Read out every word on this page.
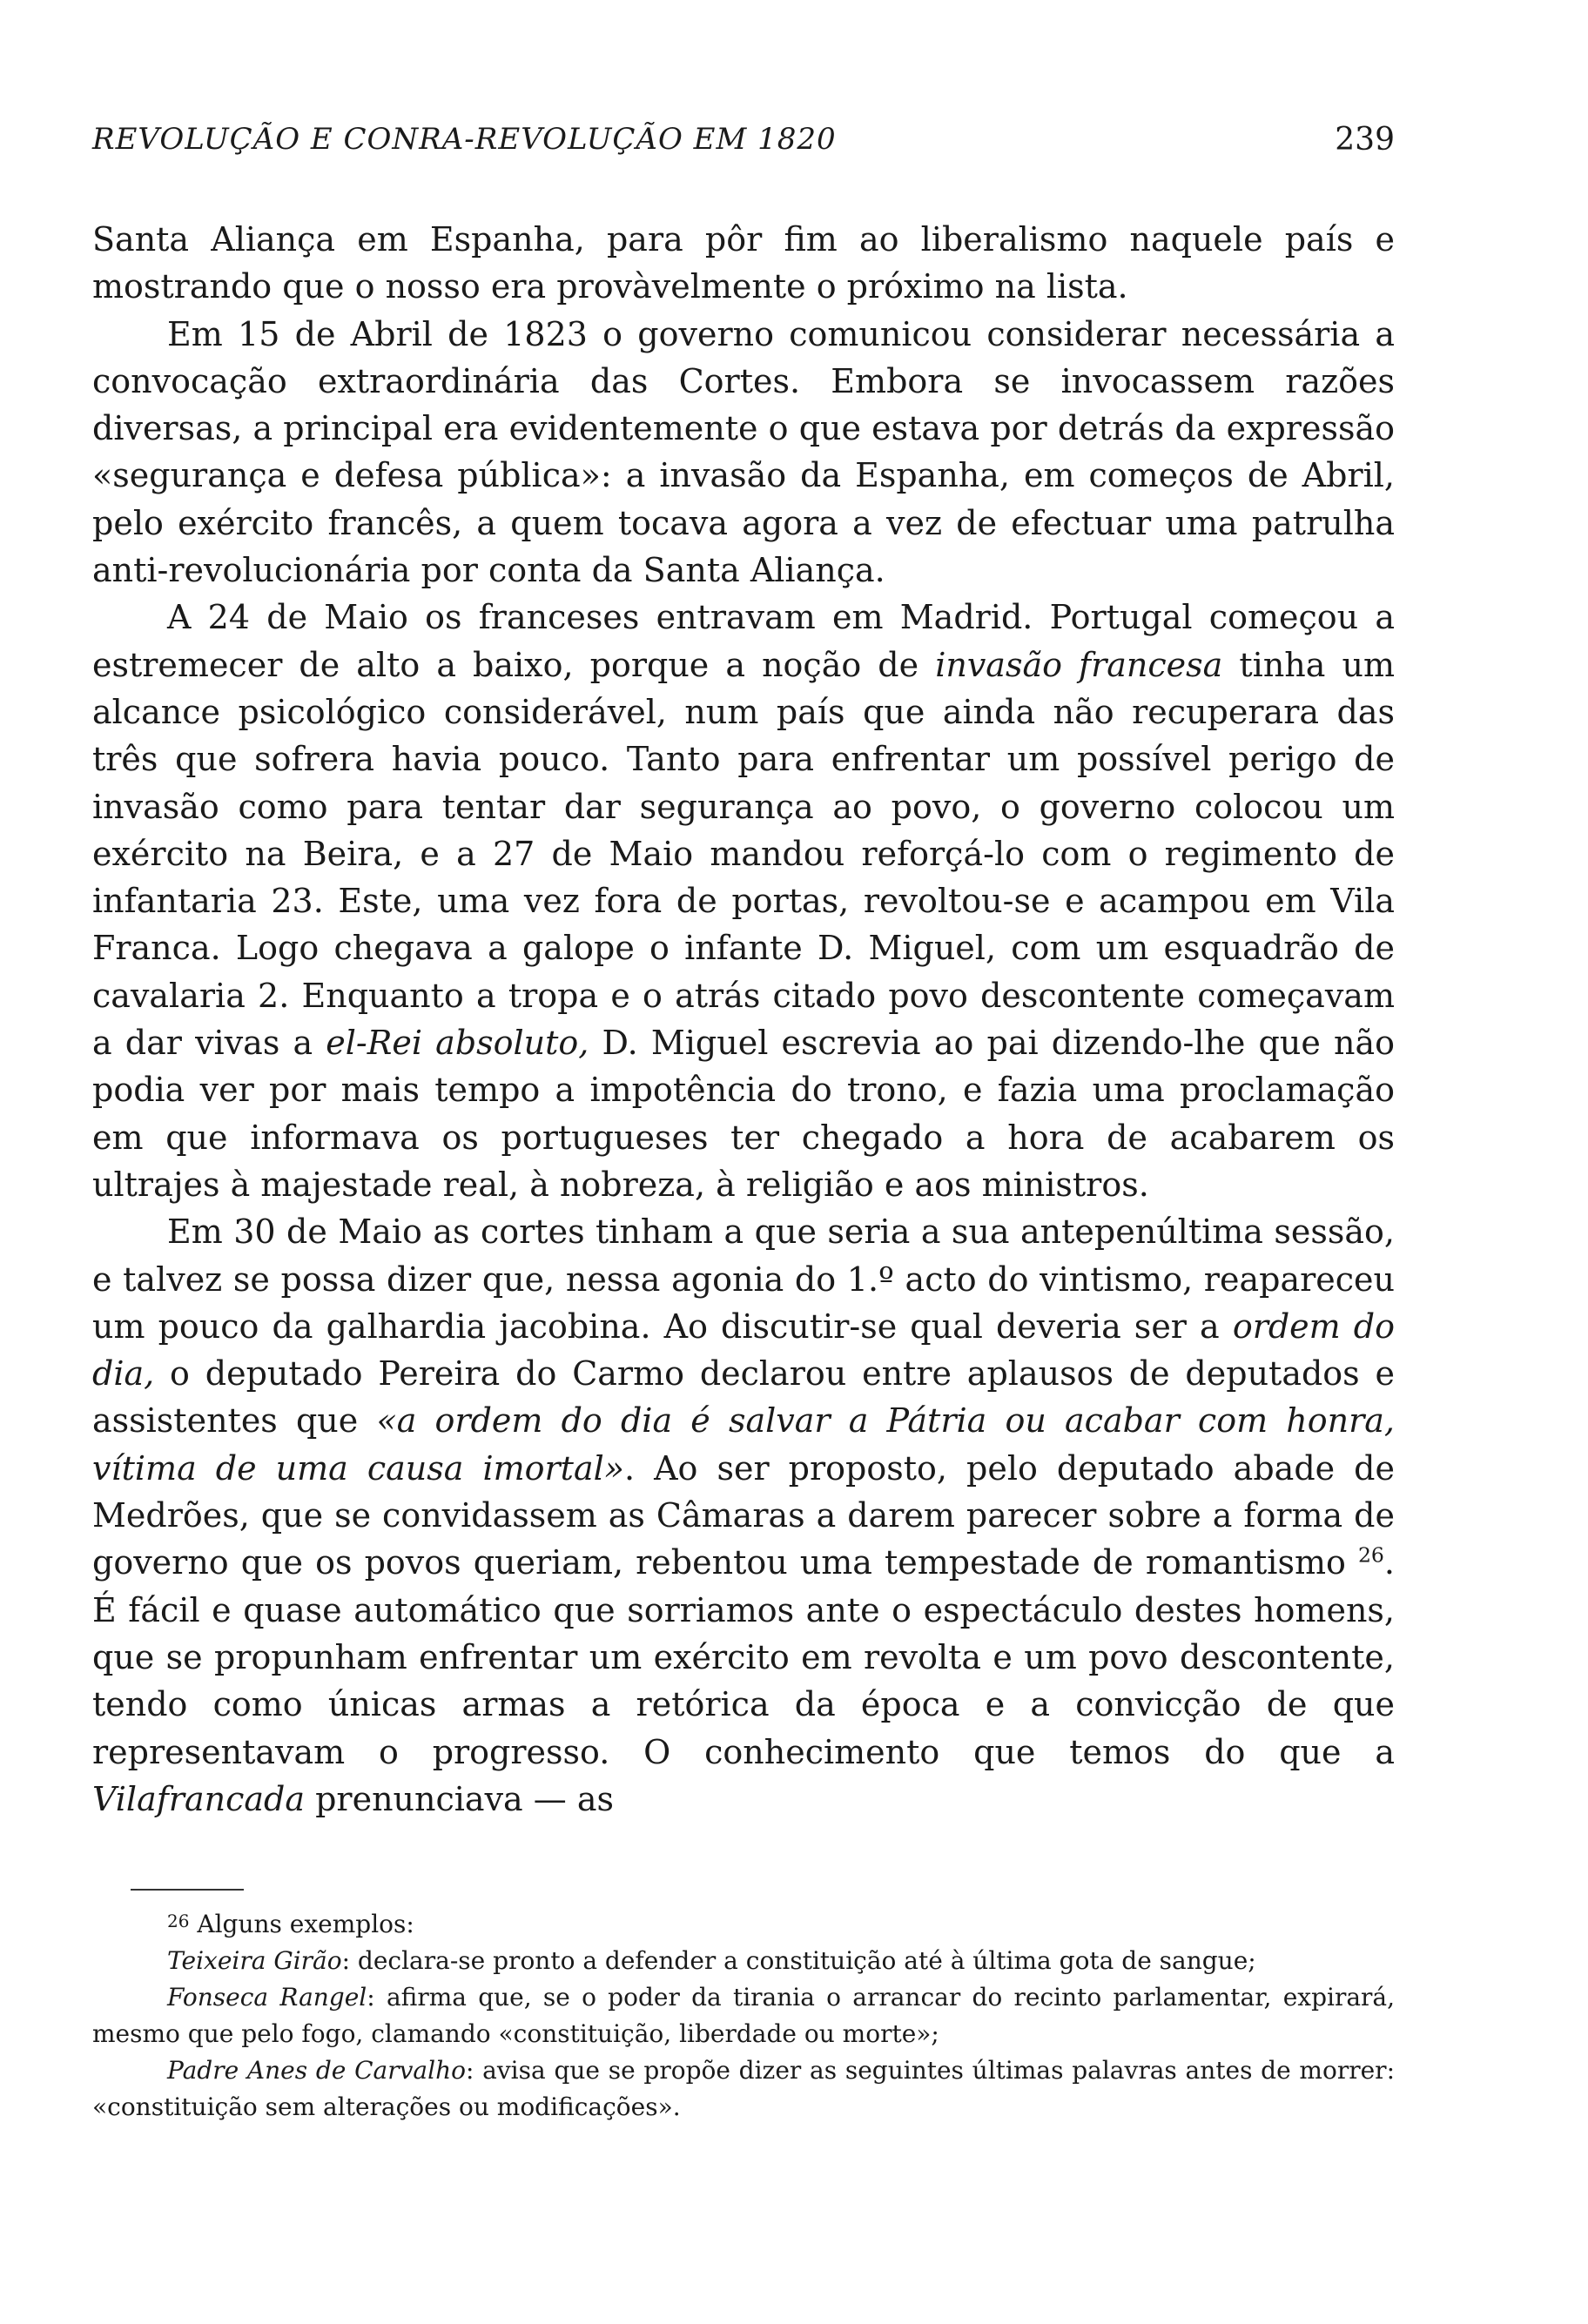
REVOLUÇÃO E CONRA-REVOLUÇÃO EM 1820	239

Santa Aliança em Espanha, para pôr fim ao liberalismo naquele país e mostrando que o nosso era provàvelmente o próximo na lista.

Em 15 de Abril de 1823 o governo comunicou considerar necessária a convocação extraordinária das Cortes. Embora se invocassem razões diversas, a principal era evidentemente o que estava por detrás da expressão «segurança e defesa pública»: a invasão da Espanha, em começos de Abril, pelo exército francês, a quem tocava agora a vez de efectuar uma patrulha anti-revolucionária por conta da Santa Aliança.

A 24 de Maio os franceses entravam em Madrid. Portugal começou a estremecer de alto a baixo, porque a noção de invasão francesa tinha um alcance psicológico considerável, num país que ainda não recuperara das três que sofrera havia pouco. Tanto para enfrentar um possível perigo de invasão como para tentar dar segurança ao povo, o governo colocou um exército na Beira, e a 27 de Maio mandou reforçá-lo com o regimento de infantaria 23. Este, uma vez fora de portas, revoltou-se e acampou em Vila Franca. Logo chegava a galope o infante D. Miguel, com um esquadrão de cavalaria 2. Enquanto a tropa e o atrás citado povo descontente começavam a dar vivas a el-Rei absoluto, D. Miguel escrevia ao pai dizendo-lhe que não podia ver por mais tempo a impotência do trono, e fazia uma proclamação em que informava os portugueses ter chegado a hora de acabarem os ultrajes à majestade real, à nobreza, à religião e aos ministros.

Em 30 de Maio as cortes tinham a que seria a sua antepenúltima sessão, e talvez se possa dizer que, nessa agonia do 1.º acto do vintismo, reapareceu um pouco da galhardia jacobina. Ao discutir-se qual deveria ser a ordem do dia, o deputado Pereira do Carmo declarou entre aplausos de deputados e assistentes que «a ordem do dia é salvar a Pátria ou acabar com honra, vítima de uma causa imortal». Ao ser proposto, pelo deputado abade de Medrões, que se convidassem as Câmaras a darem parecer sobre a forma de governo que os povos queriam, rebentou uma tempestade de romantismo $^{26}$. É fácil e quase automático que sorriamos ante o espectáculo destes homens, que se propunham enfrentar um exército em revolta e um povo descontente, tendo como únicas armas a retórica da época e a convicção de que representavam o progresso. O conhecimento que temos do que a Vilafrancada prenunciava — as

$^{26}$ Alguns exemplos:

Teixeira Girão: declara-se pronto a defender a constituição até à última gota de sangue;

Fonseca Rangel: afirma que, se o poder da tirania o arrancar do recinto parlamentar, expirará, mesmo que pelo fogo, clamando «constituição, liberdade ou morte»;

Padre Anes de Carvalho: avisa que se propõe dizer as seguintes últimas palavras antes de morrer: «constituição sem alterações ou modificações».
